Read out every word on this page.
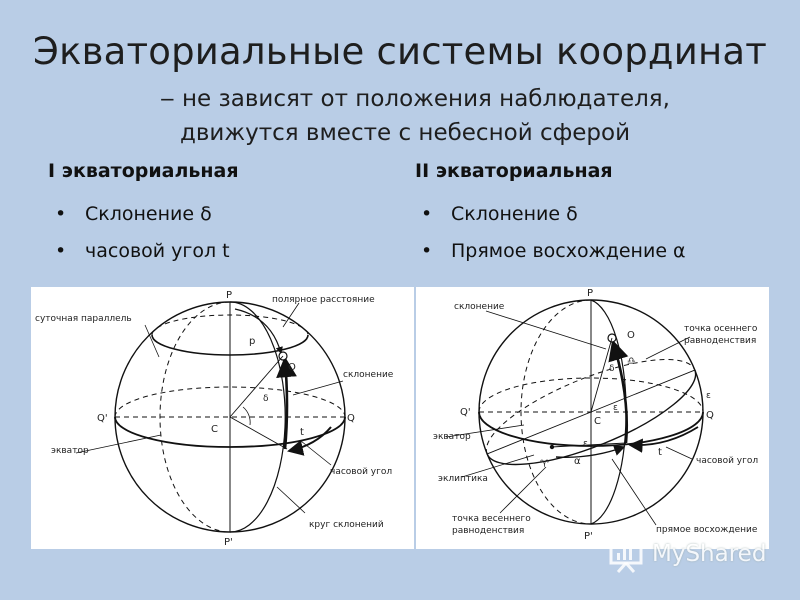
Экваториальные системы координат
‒ не зависят от положения наблюдателя,
движутся вместе с небесной сферой
I экваториальная	II экваториальная
• Склонение δ
• часовой угол t
• Склонение δ
• Прямое восхождение α
P
P'
Q'	Q
C
O
p
δ
t
суточная параллель
полярное расстояние
склонение
экватор
часовой угол
круг склонений
P
P'
Q'	Q
C
O
♎
δ
ε
ε
ε
α
t
♈
склонение
точка осеннего
равноденствия
экватор
эклиптика
часовой угол
точка весеннего
равноденствия	прямое восхождение
MyShared
